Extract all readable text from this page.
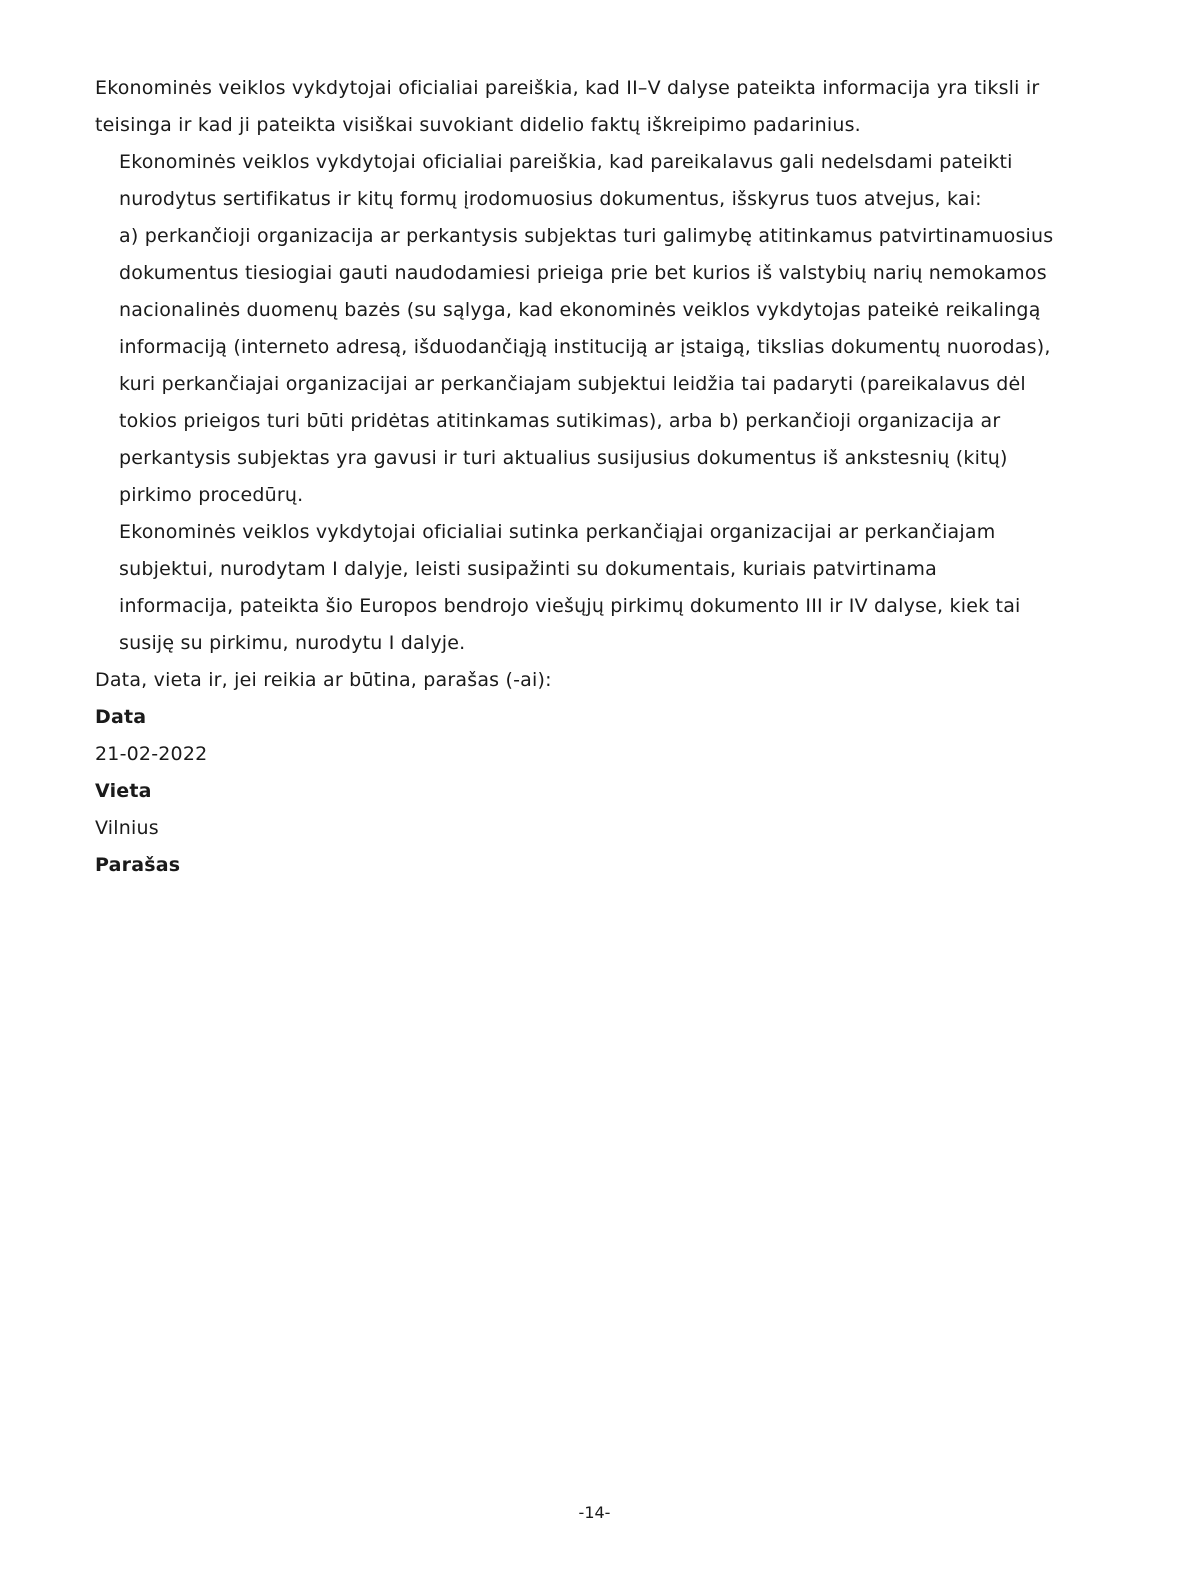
Ekonominės veiklos vykdytojai oficialiai pareiškia, kad II–V dalyse pateikta informacija yra tiksli ir teisinga ir kad ji pateikta visiškai suvokiant didelio faktų iškreipimo padarinius.

Ekonominės veiklos vykdytojai oficialiai pareiškia, kad pareikalavus gali nedelsdami pateikti nurodytus sertifikatus ir kitų formų įrodomuosius dokumentus, išskyrus tuos atvejus, kai:

a) perkančioji organizacija ar perkantysis subjektas turi galimybę atitinkamus patvirtinamuosius dokumentus tiesiogiai gauti naudodamiesi prieiga prie bet kurios iš valstybių narių nemokamos nacionalinės duomenų bazės (su sąlyga, kad ekonominės veiklos vykdytojas pateikė reikalingą informaciją (interneto adresą, išduodančiąją instituciją ar įstaigą, tikslias dokumentų nuorodas), kuri perkančiajai organizacijai ar perkančiajam subjektui leidžia tai padaryti (pareikalavus dėl tokios prieigos turi būti pridėtas atitinkamas sutikimas), arba b) perkančioji organizacija ar perkantysis subjektas yra gavusi ir turi aktualius susijusius dokumentus iš ankstesnių (kitų) pirkimo procedūrų.

Ekonominės veiklos vykdytojai oficialiai sutinka perkančiąjai organizacijai ar perkančiajam subjektui, nurodytam I dalyje, leisti susipažinti su dokumentais, kuriais patvirtinama informacija, pateikta šio Europos bendrojo viešųjų pirkimų dokumento III ir IV dalyse, kiek tai susiję su pirkimu, nurodytu I dalyje.

Data, vieta ir, jei reikia ar būtina, parašas (-ai):

Data

21-02-2022

Vieta

Vilnius

Parašas

-14-
